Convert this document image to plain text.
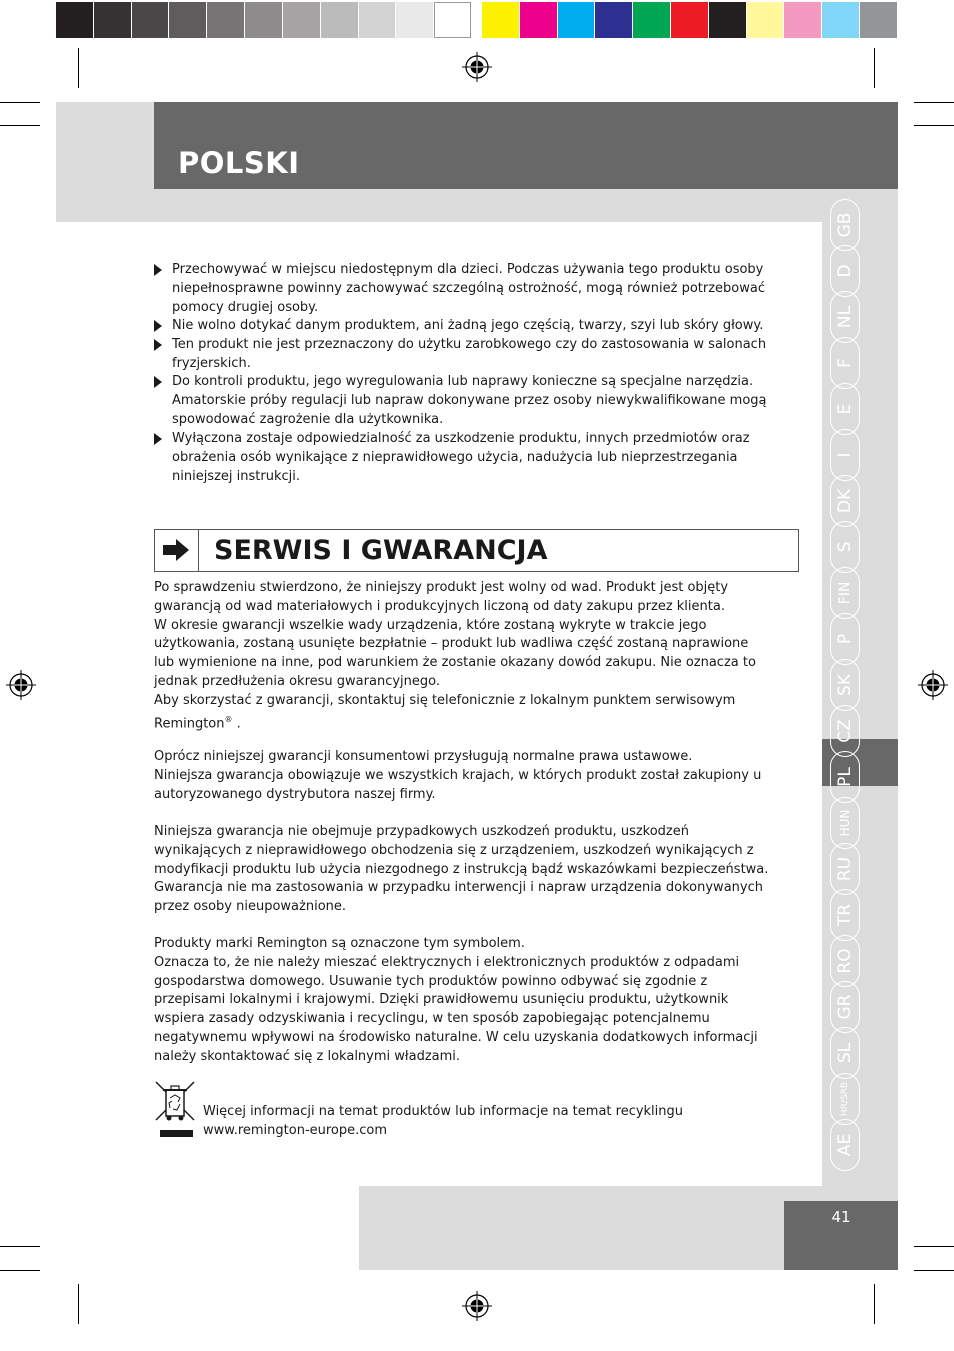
POLSKI
GB
D
NL
F
E
I
DK
S
FIN
P
SK
CZ
PL
HUN
RU
TR
RO
GR
SL
HR/SRB
AE
Przechowywać w miejscu niedostępnym dla dzieci. Podczas używania tego produktu osoby niepełnosprawne powinny zachowywać szczególną ostrożność, mogą również potrzebować pomocy drugiej osoby.
Nie wolno dotykać danym produktem, ani żadną jego częścią, twarzy, szyi lub skóry głowy.
Ten produkt nie jest przeznaczony do użytku zarobkowego czy do zastosowania w salonach fryzjerskich.
Do kontroli produktu, jego wyregulowania lub naprawy konieczne są specjalne narzędzia. Amatorskie próby regulacji lub napraw dokonywane przez osoby niewykwalifikowane mogą spowodować zagrożenie dla użytkownika.
Wyłączona zostaje odpowiedzialność za uszkodzenie produktu, innych przedmiotów oraz obrażenia osób wynikające z nieprawidłowego użycia, nadużycia lub nieprzestrzegania niniejszej instrukcji.
SERWIS I GWARANCJA
Po sprawdzeniu stwierdzono, że niniejszy produkt jest wolny od wad. Produkt jest objęty
gwarancją od wad materiałowych i produkcyjnych liczoną od daty zakupu przez klienta.
W okresie gwarancji wszelkie wady urządzenia, które zostaną wykryte w trakcie jego
użytkowania, zostaną usunięte bezpłatnie – produkt lub wadliwa część zostaną naprawione
lub wymienione na inne, pod warunkiem że zostanie okazany dowód zakupu. Nie oznacza to
jednak przedłużenia okresu gwarancyjnego.
Aby skorzystać z gwarancji, skontaktuj się telefonicznie z lokalnym punktem serwisowym
Remington® .
Oprócz niniejszej gwarancji konsumentowi przysługują normalne prawa ustawowe.
Niniejsza gwarancja obowiązuje we wszystkich krajach, w których produkt został zakupiony u
autoryzowanego dystrybutora naszej firmy.
Niniejsza gwarancja nie obejmuje przypadkowych uszkodzeń produktu, uszkodzeń
wynikających z nieprawidłowego obchodzenia się z urządzeniem, uszkodzeń wynikających z
modyfikacji produktu lub użycia niezgodnego z instrukcją bądź wskazówkami bezpieczeństwa.
Gwarancja nie ma zastosowania w przypadku interwencji i napraw urządzenia dokonywanych
przez osoby nieupoważnione.
Produkty marki Remington są oznaczone tym symbolem.
Oznacza to, że nie należy mieszać elektrycznych i elektronicznych produktów z odpadami
gospodarstwa domowego. Usuwanie tych produktów powinno odbywać się zgodnie z
przepisami lokalnymi i krajowymi. Dzięki prawidłowemu usunięciu produktu, użytkownik
wspiera zasady odzyskiwania i recyclingu, w ten sposób zapobiegając potencjalnemu
negatywnemu wpływowi na środowisko naturalne. W celu uzyskania dodatkowych informacji
należy skontaktować się z lokalnymi władzami.
Więcej informacji na temat produktów lub informacje na temat recyklingu
www.remington-europe.com
41
